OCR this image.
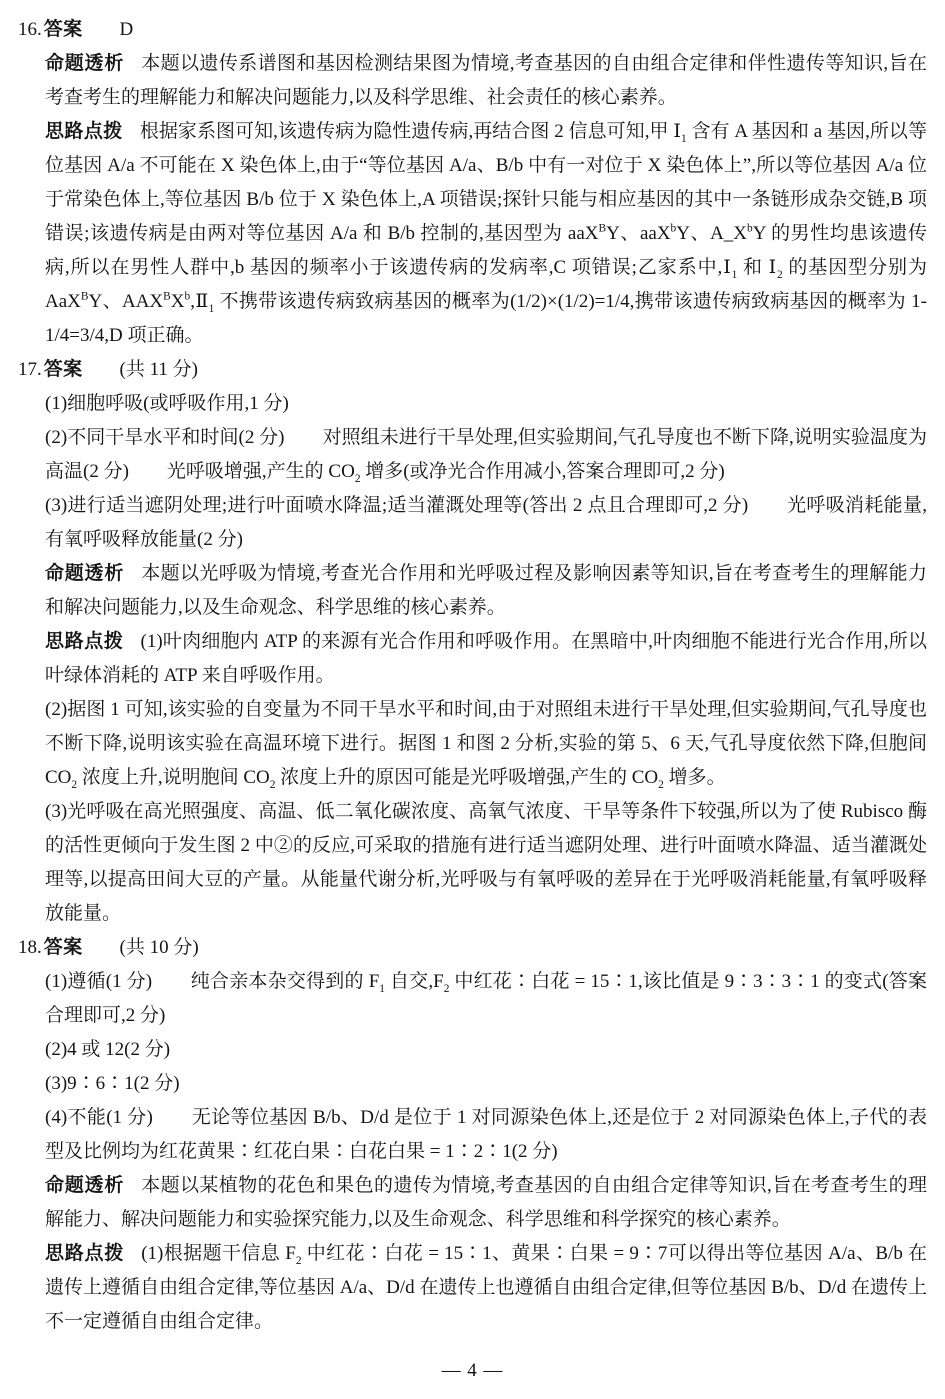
16. 答案 D
命题透析 本题以遗传系谱图和基因检测结果图为情境,考查基因的自由组合定律和伴性遗传等知识,旨在考查考生的理解能力和解决问题能力,以及科学思维、社会责任的核心素养。
思路点拨 根据家系图可知,该遗传病为隐性遗传病,再结合图 2 信息可知,甲 $Ⅰ_1$ 含有 A 基因和 a 基因,所以等位基因 A/a 不可能在 X 染色体上,由于“等位基因 A/a、B/b 中有一对位于 X 染色体上”,所以等位基因 A/a 位于常染色体上,等位基因 B/b 位于 X 染色体上,A 项错误;探针只能与相应基因的其中一条链形成杂交链,B 项错误;该遗传病是由两对等位基因 A/a 和 B/b 控制的,基因型为 aaX$^B$Y、aaX$^b$Y、$A\_X^bY$ 的男性均患该遗传病,所以在男性人群中,b 基因的频率小于该遗传病的发病率,C 项错误;乙家系中$,Ⅰ_1$ 和 $Ⅰ_2$ 的基因型分别为 AaX$^B$Y、$AAX^BX^b,Ⅱ_1$ 不携带该遗传病致病基因的概率为(1/2)×(1/2)=1/4,携带该遗传病致病基因的概率为 1-1/4=3/4,D 项正确。
17. 答案 (共 11 分)
(1)细胞呼吸(或呼吸作用,1 分)
(2)不同干旱水平和时间(2 分)　　对照组未进行干旱处理,但实验期间,气孔导度也不断下降,说明实验温度为高温(2 分)　　光呼吸增强,产生的 $CO_2$ 增多(或净光合作用减小,答案合理即可,2 分)
(3)进行适当遮阴处理;进行叶面喷水降温;适当灌溉处理等(答出 2 点且合理即可,2 分)　　光呼吸消耗能量,有氧呼吸释放能量(2 分)
命题透析 本题以光呼吸为情境,考查光合作用和光呼吸过程及影响因素等知识,旨在考查考生的理解能力和解决问题能力,以及生命观念、科学思维的核心素养。
思路点拨 (1)叶肉细胞内 ATP 的来源有光合作用和呼吸作用。在黑暗中,叶肉细胞不能进行光合作用,所以叶绿体消耗的 ATP 来自呼吸作用。
(2)据图 1 可知,该实验的自变量为不同干旱水平和时间,由于对照组未进行干旱处理,但实验期间,气孔导度也不断下降,说明该实验在高温环境下进行。据图 1 和图 2 分析,实验的第 5、6 天,气孔导度依然下降,但胞间 $CO_2$ 浓度上升,说明胞间 $CO_2$ 浓度上升的原因可能是光呼吸增强,产生的 $CO_2$ 增多。
(3)光呼吸在高光照强度、高温、低二氧化碳浓度、高氧气浓度、干旱等条件下较强,所以为了使 Rubisco 酶的活性更倾向于发生图 2 中②的反应,可采取的措施有进行适当遮阴处理、进行叶面喷水降温、适当灌溉处理等,以提高田间大豆的产量。从能量代谢分析,光呼吸与有氧呼吸的差异在于光呼吸消耗能量,有氧呼吸释放能量。
18. 答案 (共 10 分)
(1)遵循(1 分)　　纯合亲本杂交得到的 $F_1$ 自交$,F_2$ 中红花∶白花 = 15∶1,该比值是 9∶3∶3∶1 的变式(答案合理即可,2 分)
(2)4 或 12(2 分)
(3)9∶6∶1(2 分)
(4)不能(1 分)　　无论等位基因 B/b、D/d 是位于 1 对同源染色体上,还是位于 2 对同源染色体上,子代的表型及比例均为红花黄果∶红花白果∶白花白果 = 1∶2∶1(2 分)
命题透析 本题以某植物的花色和果色的遗传为情境,考查基因的自由组合定律等知识,旨在考查考生的理解能力、解决问题能力和实验探究能力,以及生命观念、科学思维和科学探究的核心素养。
思路点拨 (1)根据题干信息 $F_2$ 中红花∶白花 = 15∶1、黄果∶白果 = 9∶7可以得出等位基因 A/a、B/b 在遗传上遵循自由组合定律,等位基因 A/a、D/d 在遗传上也遵循自由组合定律,但等位基因 B/b、D/d 在遗传上不一定遵循自由组合定律。
— 4 —
